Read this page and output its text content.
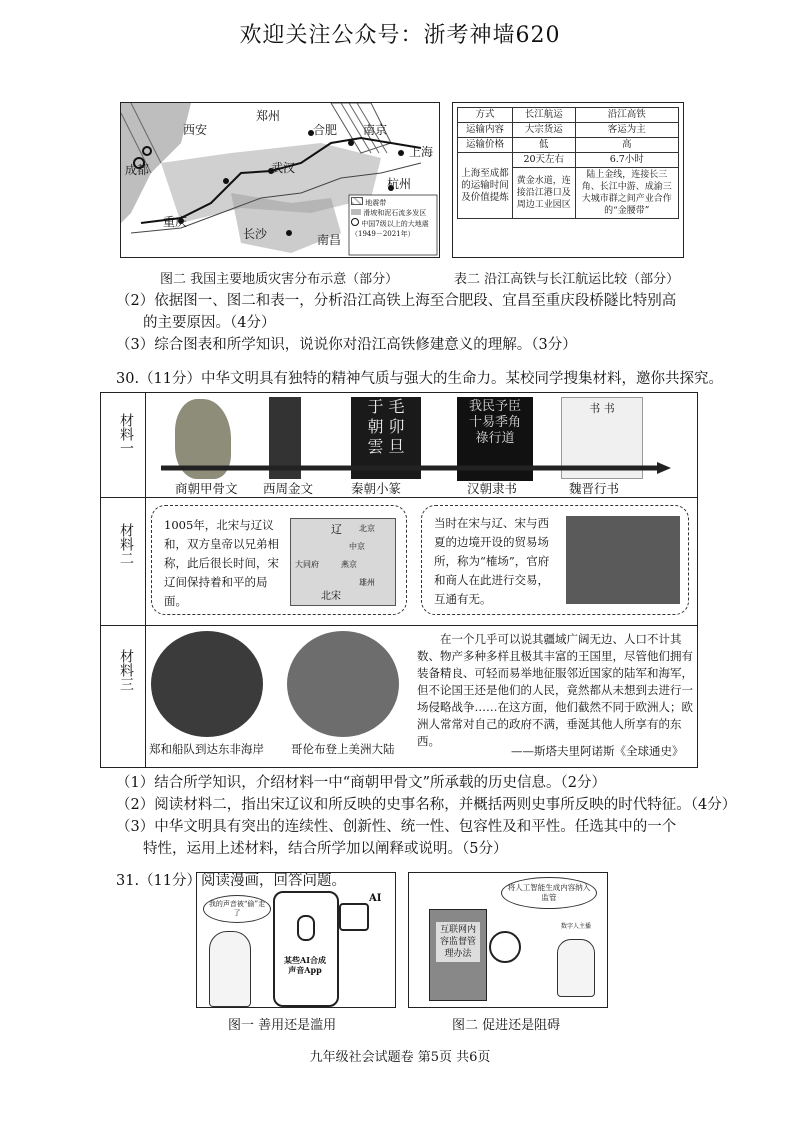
欢迎关注公众号：浙考神墙620
郑州
西安	合肥 南京
上海
成都	武汉
杭州
重庆
长沙	南昌
地震带
滑坡和泥石流多发区
中国7级以上的大地震（1949－2021年）
图二 我国主要地质灾害分布示意（部分）
方式	长江航运	沿江高铁
运输内容	大宗货运	客运为主
运输价格	低	高
上海至成都的运输时间及价值提炼	20天左右	6.7小时
	黄金水道，连接沿江港口及周边工业园区	陆上金线，连接长三角、长江中游、成渝三大城市群之间产业合作的“金腰带”
表二 沿江高铁与长江航运比较（部分）
（2）依据图一、图二和表一，分析沿江高铁上海至合肥段、宜昌至重庆段桥隧比特别高
的主要原因。（4分）
（3）综合图表和所学知识，说说你对沿江高铁修建意义的理解。（3分）
30.（11分）中华文明具有独特的精神气质与强大的生命力。某校同学搜集材料，邀你共探究。
材料一
于 毛
朝 卯
雲 旦
我民予臣
十易季角
祿行道
书 书
商朝甲骨文 西周金文	秦朝小篆	汉朝隶书	魏晋行书
材料二	1005年，北宋与辽议和，双方皇帝以兄弟相称，此后很长时间，宋辽间保持着和平的局面。
辽 北京
中京
燕京
大同府
雄州
北宋
当时在宋与辽、宋与西夏的边境开设的贸易场所，称为“榷场”，官府和商人在此进行交易，互通有无。
材料三
郑和船队到达东非海岸 哥伦布登上美洲大陆
在一个几乎可以说其疆域广阔无边、人口不计其数、物产多种多样且极其丰富的王国里，尽管他们拥有装备精良、可轻而易举地征服邻近国家的陆军和海军，但不论国王还是他们的人民，竟然都从未想到去进行一场侵略战争……在这方面，他们截然不同于欧洲人；欧洲人常常对自己的政府不满，垂涎其他人所享有的东西。
——斯塔夫里阿诺斯《全球通史》
（1）结合所学知识，介绍材料一中“商朝甲骨文”所承载的历史信息。（2分）
（2）阅读材料二，指出宋辽议和所反映的史事名称，并概括两则史事所反映的时代特征。（4分）
（3）中华文明具有突出的连续性、创新性、统一性、包容性及和平性。任选其中的一个
特性，运用上述材料，结合所学加以阐释或说明。（5分）
31.（11分）阅读漫画，回答问题。
我的声音被“偷”走了
某些AI合成声音App
AI
图一 善用还是滥用
将人工智能生成内容纳入监管
互联网内容监督管理办法
数字人主播
图二 促进还是阻碍
九年级社会试题卷 第5页 共6页
